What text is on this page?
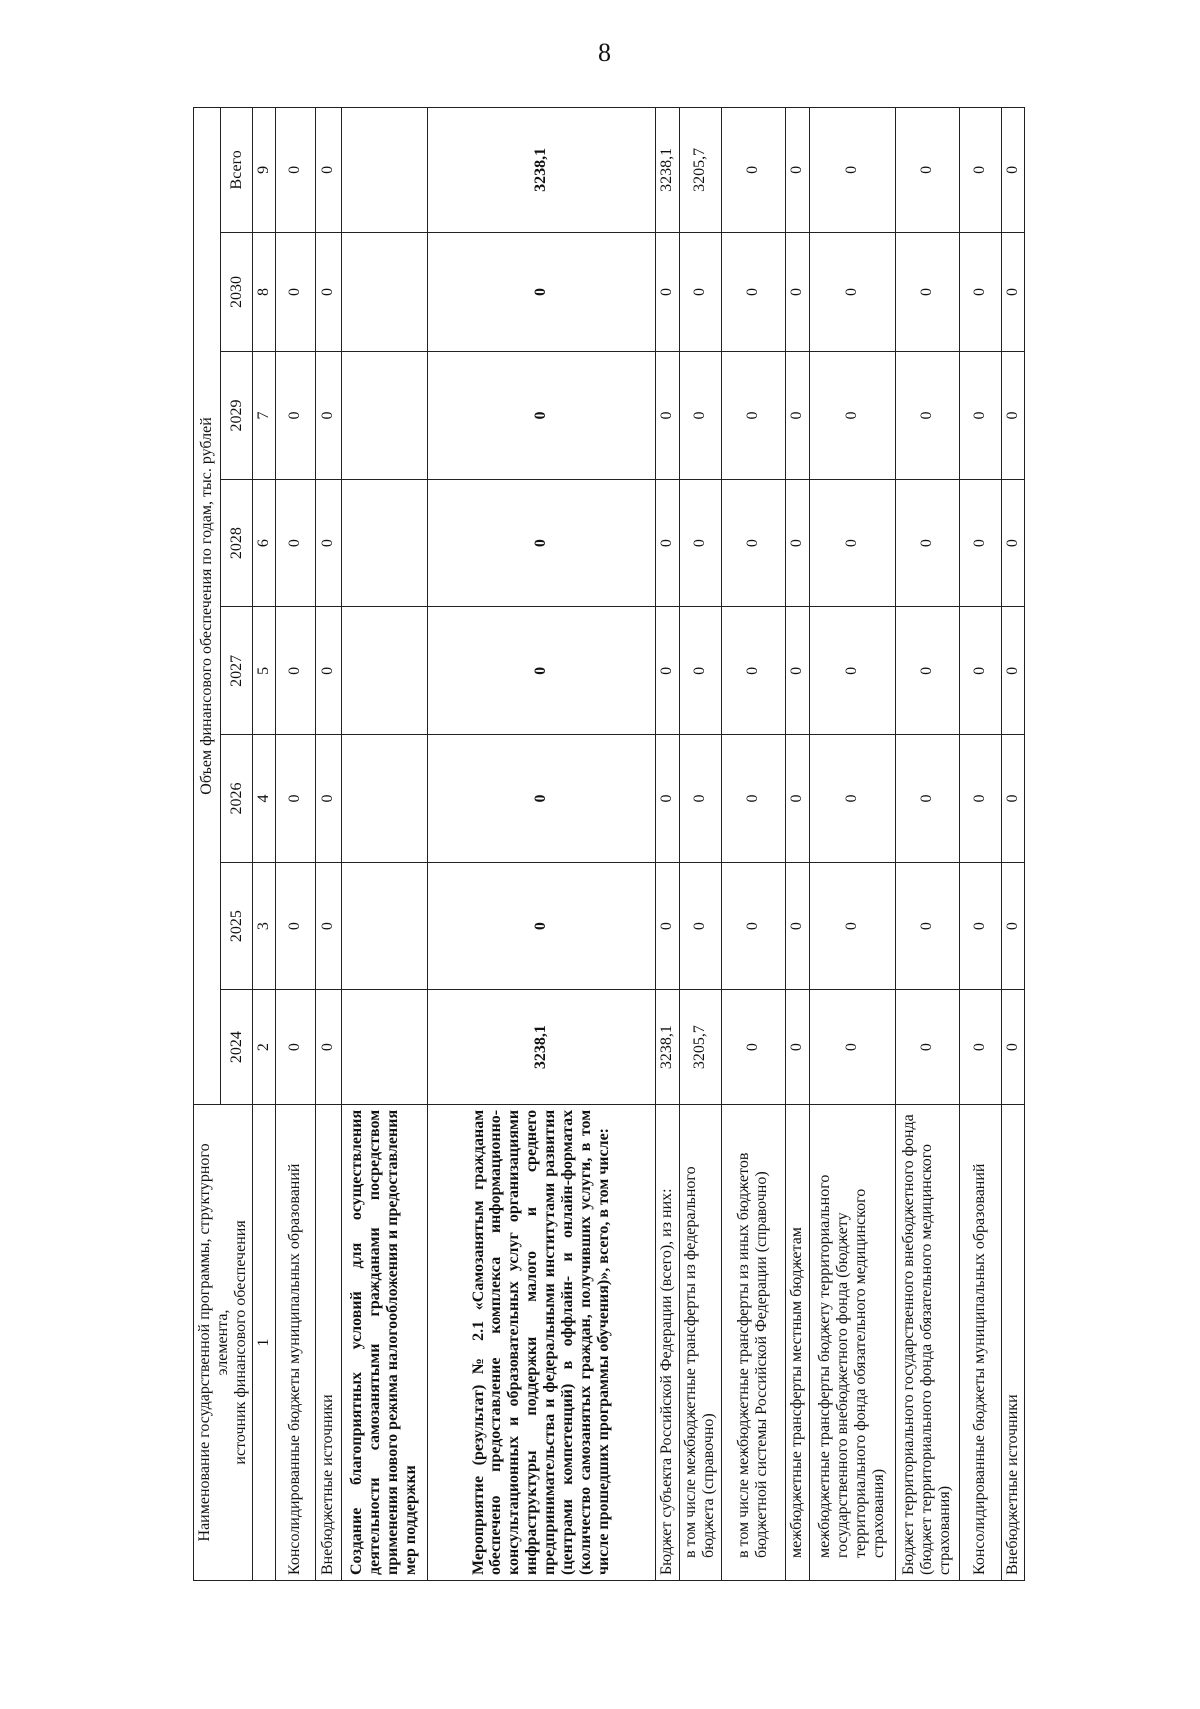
8
Наименование государственной программы, структурного элемента,
источник финансового обеспечения	Объем финансового обеспечения по годам, тыс. рублей							
	2024	2025	2026	2027	2028	2029	2030	Всего
1	2	3	4	5	6	7	8	9
Консолидированные бюджеты муниципальных образований	0	0	0	0	0	0	0	0
Внебюджетные источники	0	0	0	0	0	0	0	0
Создание благоприятных условий для осуществления деятельности самозанятыми гражданами посредством применения нового режима налогообложения и предоставления мер поддержки								
Мероприятие (результат) № 2.1 «Самозанятым гражданам обеспечено предоставление комплекса информационно-консультационных и образовательных услуг организациями инфраструктуры поддержки малого и среднего предпринимательства и федеральными институтами развития (центрами компетенций) в оффлайн- и онлайн-форматах (количество самозанятых граждан, получивших услуги, в том числе прошедших программы обучения)», всего, в том числе:	3238,1	0	0	0	0	0	0	3238,1
Бюджет субъекта Российской Федерации (всего), из них:	3238,1	0	0	0	0	0	0	3238,1
в том числе межбюджетные трансферты из федерального бюджета (справочно)	3205,7	0	0	0	0	0	0	3205,7
в том числе межбюджетные трансферты из иных бюджетов бюджетной системы Российской Федерации (справочно)	0	0	0	0	0	0	0	0
межбюджетные трансферты местным бюджетам	0	0	0	0	0	0	0	0
межбюджетные трансферты бюджету территориального государственного внебюджетного фонда (бюджету территориального фонда обязательного медицинского страхования)	0	0	0	0	0	0	0	0
Бюджет территориального государственного внебюджетного фонда (бюджет территориального фонда обязательного медицинского страхования)	0	0	0	0	0	0	0	0
Консолидированные бюджеты муниципальных образований	0	0	0	0	0	0	0	0
Внебюджетные источники	0	0	0	0	0	0	0	0
